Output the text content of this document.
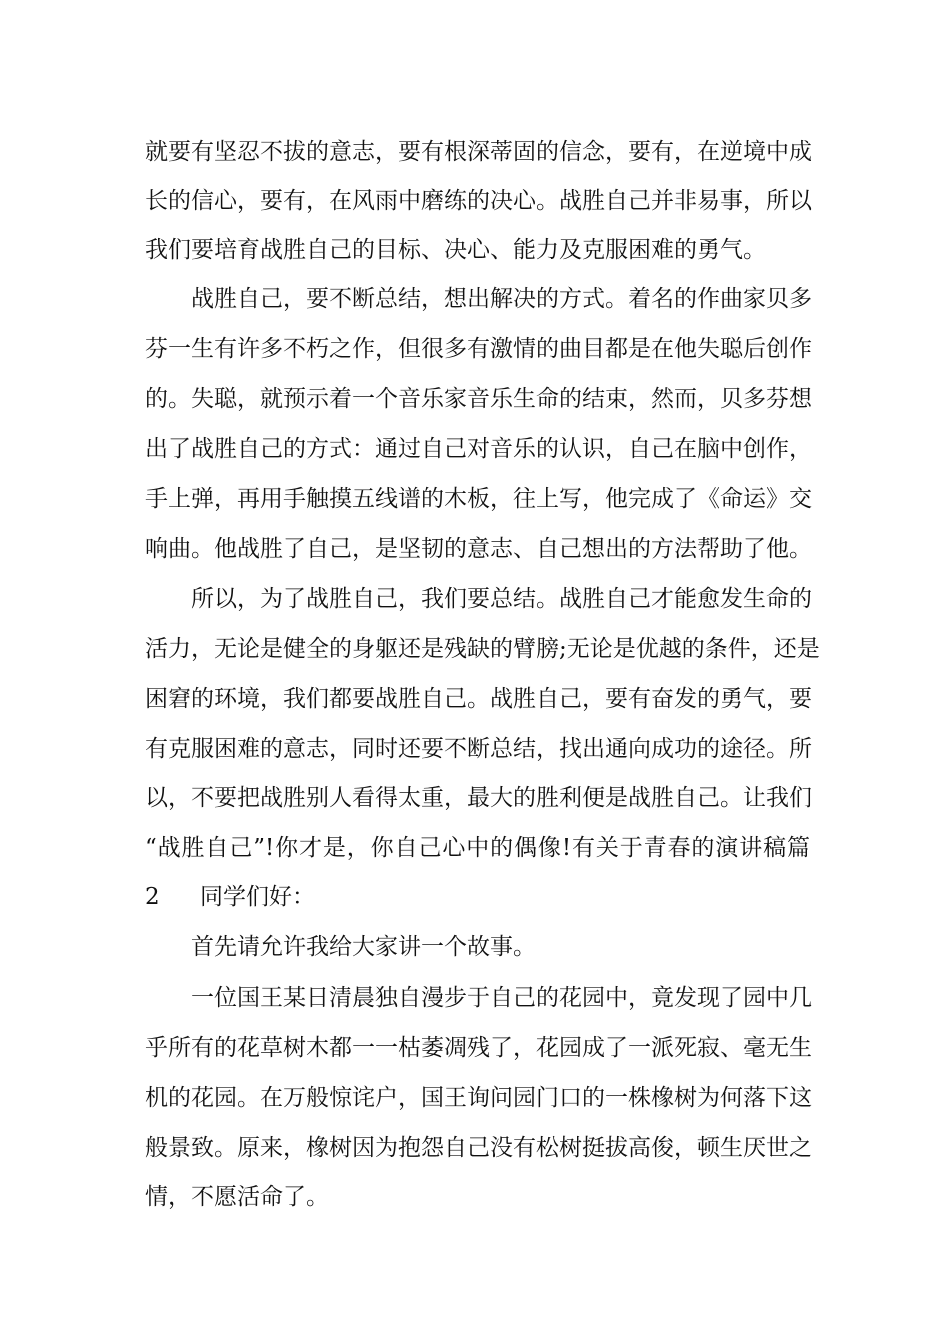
就要有坚忍不拔的意志，要有根深蒂固的信念，要有，在逆境中成

长的信心，要有，在风雨中磨练的决心。战胜自己并非易事，所以

我们要培育战胜自己的目标、决心、能力及克服困难的勇气。

战胜自己，要不断总结，想出解决的方式。着名的作曲家贝多

芬一生有许多不朽之作，但很多有激情的曲目都是在他失聪后创作

的。失聪，就预示着一个音乐家音乐生命的结束，然而，贝多芬想

出了战胜自己的方式：通过自己对音乐的认识，自己在脑中创作，

手上弹，再用手触摸五线谱的木板，往上写，他完成了《命运》交

响曲。他战胜了自己，是坚韧的意志、自己想出的方法帮助了他。

所以，为了战胜自己，我们要总结。战胜自己才能愈发生命的

活力，无论是健全的身躯还是残缺的臂膀;无论是优越的条件，还是

困窘的环境，我们都要战胜自己。战胜自己，要有奋发的勇气，要

有克服困难的意志，同时还要不断总结，找出通向成功的途径。所

以，不要把战胜别人看得太重，最大的胜利便是战胜自己。让我们

“战胜自己”!你才是，你自己心中的偶像!有关于青春的演讲稿篇

2 同学们好：

首先请允许我给大家讲一个故事。

一位国王某日清晨独自漫步于自己的花园中，竟发现了园中几

乎所有的花草树木都一一枯萎凋残了，花园成了一派死寂、毫无生

机的花园。在万般惊诧户，国王询问园门口的一株橡树为何落下这

般景致。原来，橡树因为抱怨自己没有松树挺拔高俊，顿生厌世之

情，不愿活命了。
